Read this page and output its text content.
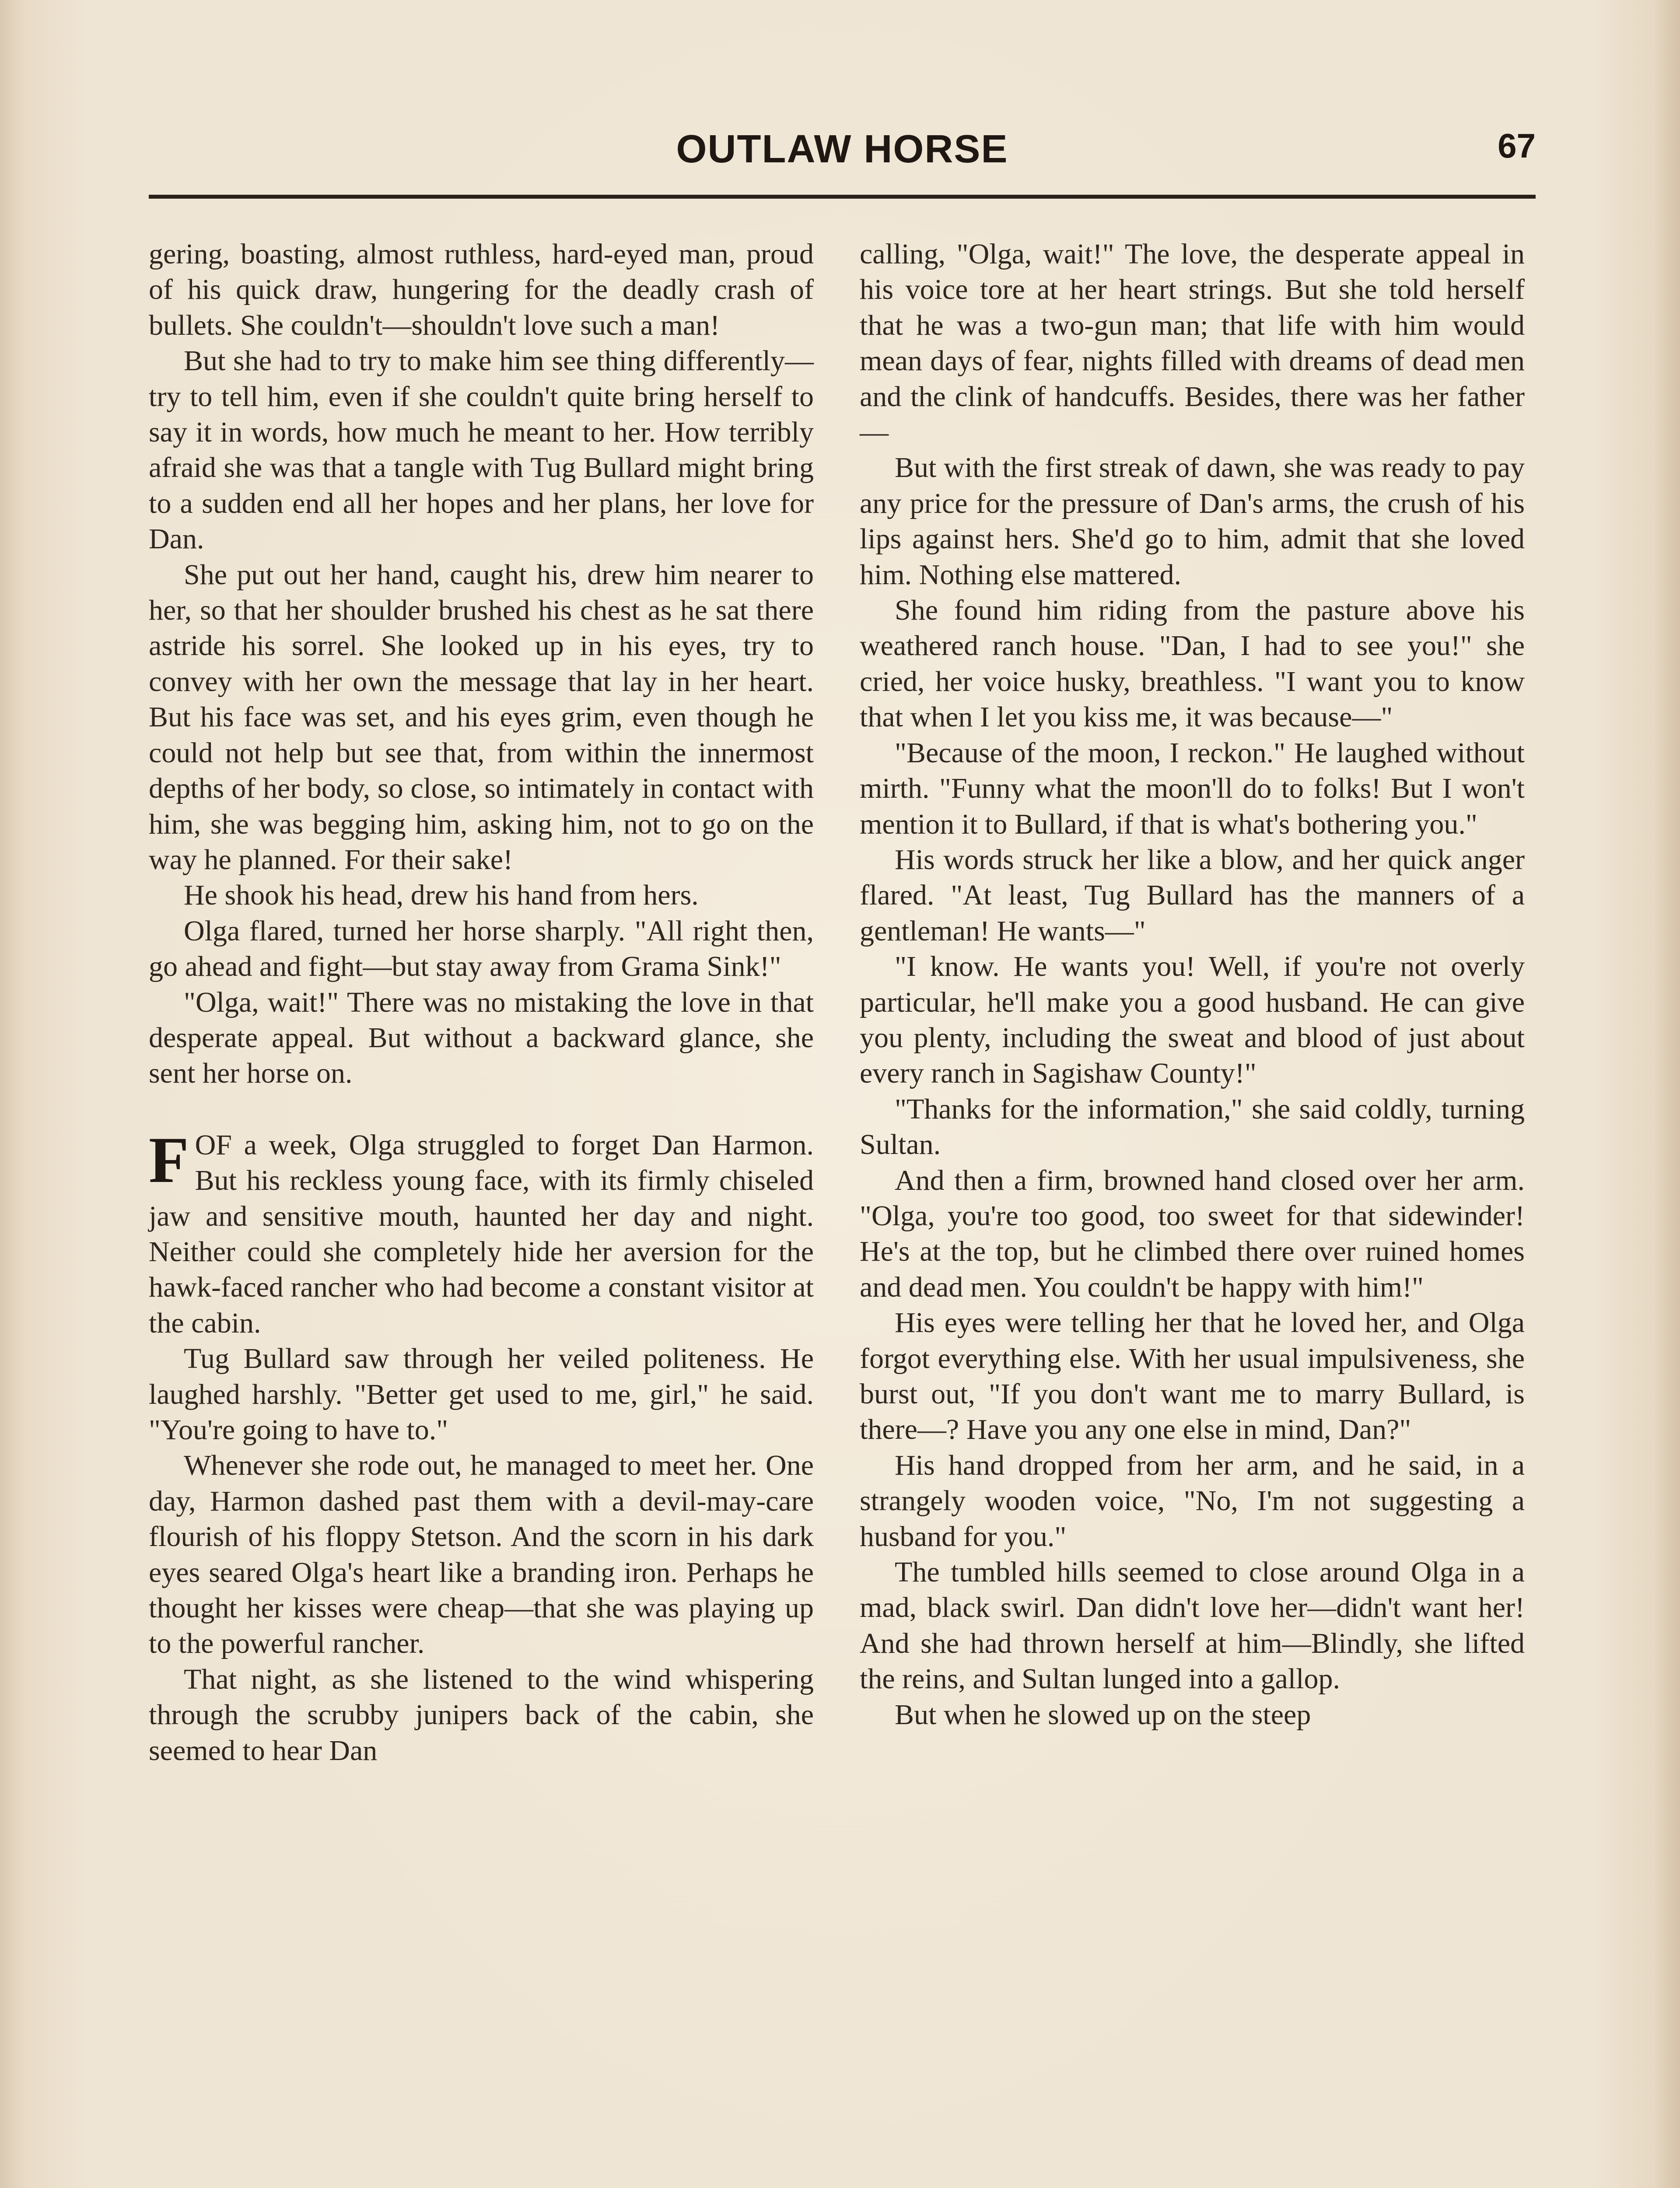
OUTLAW HORSE	67

gering, boasting, almost ruthless, hard-eyed man, proud of his quick draw, hungering for the deadly crash of bullets. She couldn't—shouldn't love such a man!

But she had to try to make him see thing differently—try to tell him, even if she couldn't quite bring herself to say it in words, how much he meant to her. How terribly afraid she was that a tangle with Tug Bullard might bring to a sudden end all her hopes and her plans, her love for Dan.

She put out her hand, caught his, drew him nearer to her, so that her shoulder brushed his chest as he sat there astride his sorrel. She looked up in his eyes, try to convey with her own the message that lay in her heart. But his face was set, and his eyes grim, even though he could not help but see that, from within the innermost depths of her body, so close, so intimately in contact with him, she was begging him, asking him, not to go on the way he planned. For their sake!

He shook his head, drew his hand from hers.

Olga flared, turned her horse sharply. "All right then, go ahead and fight—but stay away from Grama Sink!"

"Olga, wait!" There was no mistaking the love in that desperate appeal. But without a backward glance, she sent her horse on.

FOF a week, Olga struggled to forget Dan Harmon. But his reckless young face, with its firmly chiseled jaw and sensitive mouth, haunted her day and night. Neither could she completely hide her aversion for the hawk-faced rancher who had become a constant visitor at the cabin.

Tug Bullard saw through her veiled politeness. He laughed harshly. "Better get used to me, girl," he said. "You're going to have to."

Whenever she rode out, he managed to meet her. One day, Harmon dashed past them with a devil-may-care flourish of his floppy Stetson. And the scorn in his dark eyes seared Olga's heart like a branding iron. Perhaps he thought her kisses were cheap—that she was playing up to the powerful rancher.

That night, as she listened to the wind whispering through the scrubby junipers back of the cabin, she seemed to hear Dan

calling, "Olga, wait!" The love, the desperate appeal in his voice tore at her heart strings. But she told herself that he was a two-gun man; that life with him would mean days of fear, nights filled with dreams of dead men and the clink of handcuffs. Besides, there was her father—

But with the first streak of dawn, she was ready to pay any price for the pressure of Dan's arms, the crush of his lips against hers. She'd go to him, admit that she loved him. Nothing else mattered.

She found him riding from the pasture above his weathered ranch house. "Dan, I had to see you!" she cried, her voice husky, breathless. "I want you to know that when I let you kiss me, it was because—"

"Because of the moon, I reckon." He laughed without mirth. "Funny what the moon'll do to folks! But I won't mention it to Bullard, if that is what's bothering you."

His words struck her like a blow, and her quick anger flared. "At least, Tug Bullard has the manners of a gentleman! He wants—"

"I know. He wants you! Well, if you're not overly particular, he'll make you a good husband. He can give you plenty, including the sweat and blood of just about every ranch in Sagishaw County!"

"Thanks for the information," she said coldly, turning Sultan.

And then a firm, browned hand closed over her arm. "Olga, you're too good, too sweet for that sidewinder! He's at the top, but he climbed there over ruined homes and dead men. You couldn't be happy with him!"

His eyes were telling her that he loved her, and Olga forgot everything else. With her usual impulsiveness, she burst out, "If you don't want me to marry Bullard, is there—? Have you any one else in mind, Dan?"

His hand dropped from her arm, and he said, in a strangely wooden voice, "No, I'm not suggesting a husband for you."

The tumbled hills seemed to close around Olga in a mad, black swirl. Dan didn't love her—didn't want her! And she had thrown herself at him—Blindly, she lifted the reins, and Sultan lunged into a gallop.

But when he slowed up on the steep
